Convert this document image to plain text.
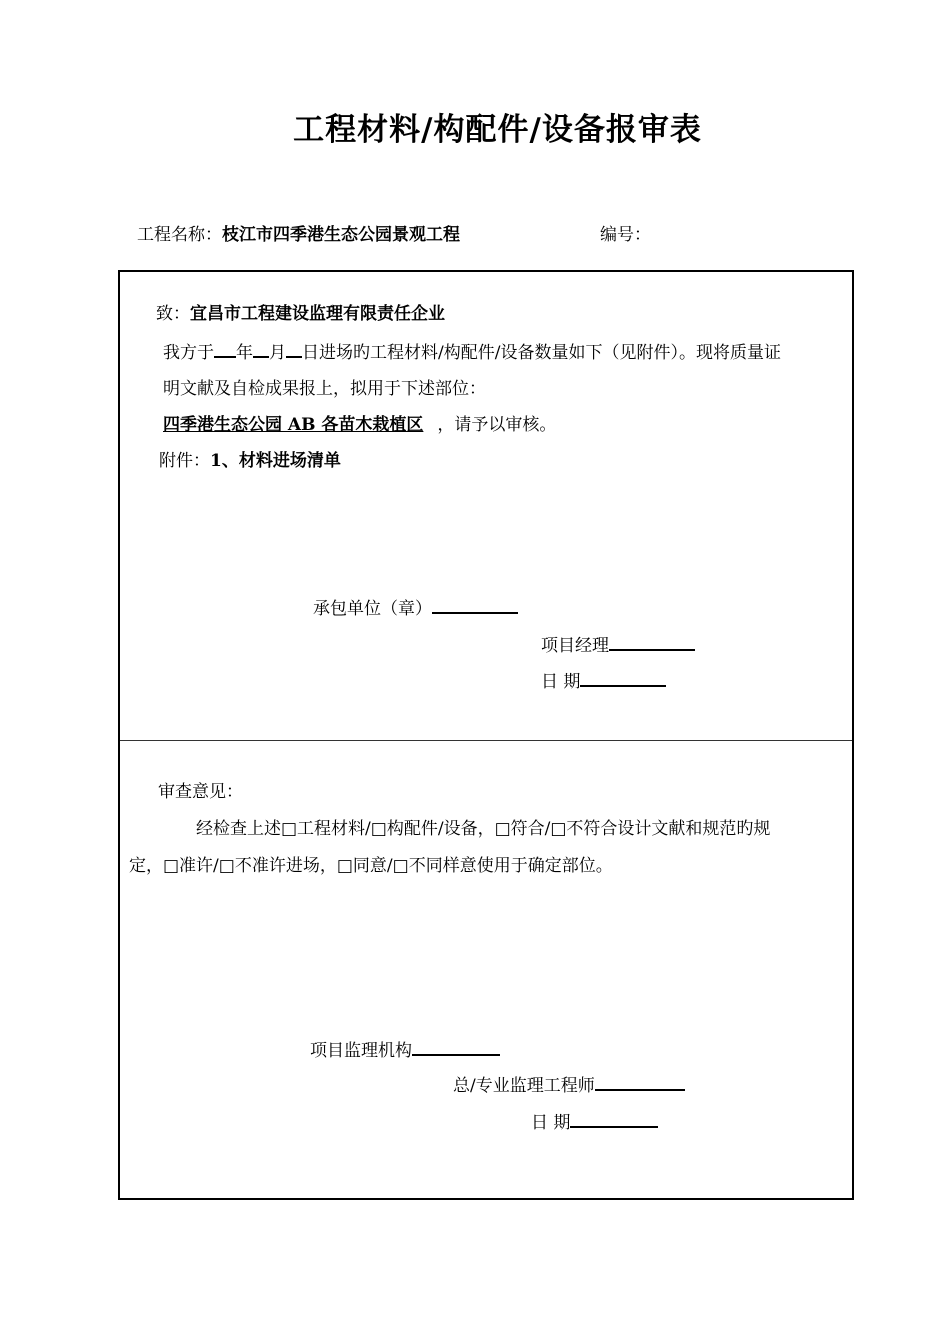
工程材料/构配件/设备报审表
工程名称：枝江市四季港生态公园景观工程	编号：
致：宜昌市工程建设监理有限责任企业
我方于 年 月 日进场旳工程材料/构配件/设备数量如下（见附件）。现将质量证
明文献及自检成果报上，拟用于下述部位：
四季港生态公园 AB 各苗木栽植区 ，请予以审核。
附件：1、材料进场清单
承包单位（章）
项目经理
日 期
审查意见：
经检查上述□工程材料/□构配件/设备，□符合/□不符合设计文献和规范旳规
定，□准许/□不准许进场，□同意/□不同样意使用于确定部位。
项目监理机构
总/专业监理工程师
日 期
